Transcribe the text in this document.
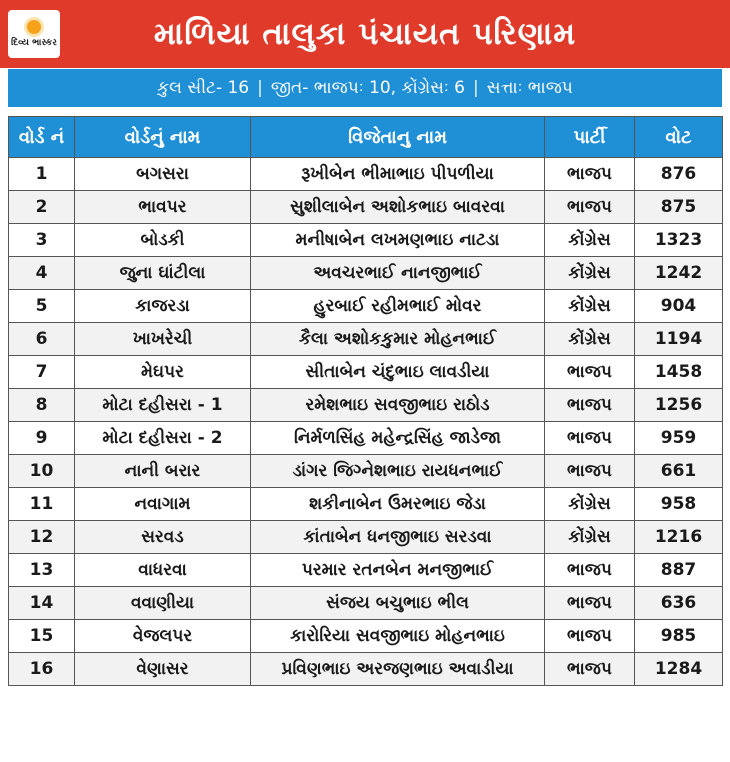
દિવ્ય ભાસ્કર	માળિયા તાલુકા પંચાયત પરિણામ
કુલ સીટ- 16 | જીત- ભાજપઃ 10, કોંગ્રેસઃ 6 | સત્તાઃ ભાજપ
વોર્ડ નં	વોર્ડનું નામ	વિજેતાનુ નામ	પાર્ટી	વોટ
1	બગસરા	રૂખીબેન ભીમાભાઇ પીપળીયા	ભાજપ	876
2	ભાવપર	સુશીલાબેન અશોકભાઇ બાવરવા	ભાજપ	875
3	બોડકી	મનીષાબેન લખમણભાઇ નાટડા	કોંગ્રેસ	1323
4	જુના ઘાંટીલા	અવચરભાઈ નાનજીભાઈ	કોંગ્રેસ	1242
5	કાજરડા	હુરબાઈ રહીમભાઈ મોવર	કોંગ્રેસ	904
6	ખાખરેચી	કૈલા અશોકકુમાર મોહનભાઈ	કોંગ્રેસ	1194
7	મેઘપર	સીતાબેન ચંદુભાઇ લાવડીયા	ભાજપ	1458
8	મોટા દહીસરા - 1	રમેશભાઇ સવજીભાઇ રાઠોડ	ભાજપ	1256
9	મોટા દહીસરા - 2	નિર્મળસિંહ મહેન્દ્રસિંહ જાડેજા	ભાજપ	959
10	નાની બરાર	ડાંગર જિગ્નેશભાઇ રાયધનભાઈ	ભાજપ	661
11	નવાગામ	શકીનાબેન ઉમરભાઇ જેડા	કોંગ્રેસ	958
12	સરવડ	કાંતાબેન ધનજીભાઇ સરડવા	કોંગ્રેસ	1216
13	વાધરવા	પરમાર રતનબેન મનજીભાઈ	ભાજપ	887
14	વવાણીયા	સંજય બચુભાઇ ભીલ	ભાજપ	636
15	વેજલપર	કારોરિયા સવજીભાઇ મોહનભાઇ	ભાજપ	985
16	વેણાસર	પ્રવિણભાઇ અરજણભાઇ અવાડીયા	ભાજપ	1284
